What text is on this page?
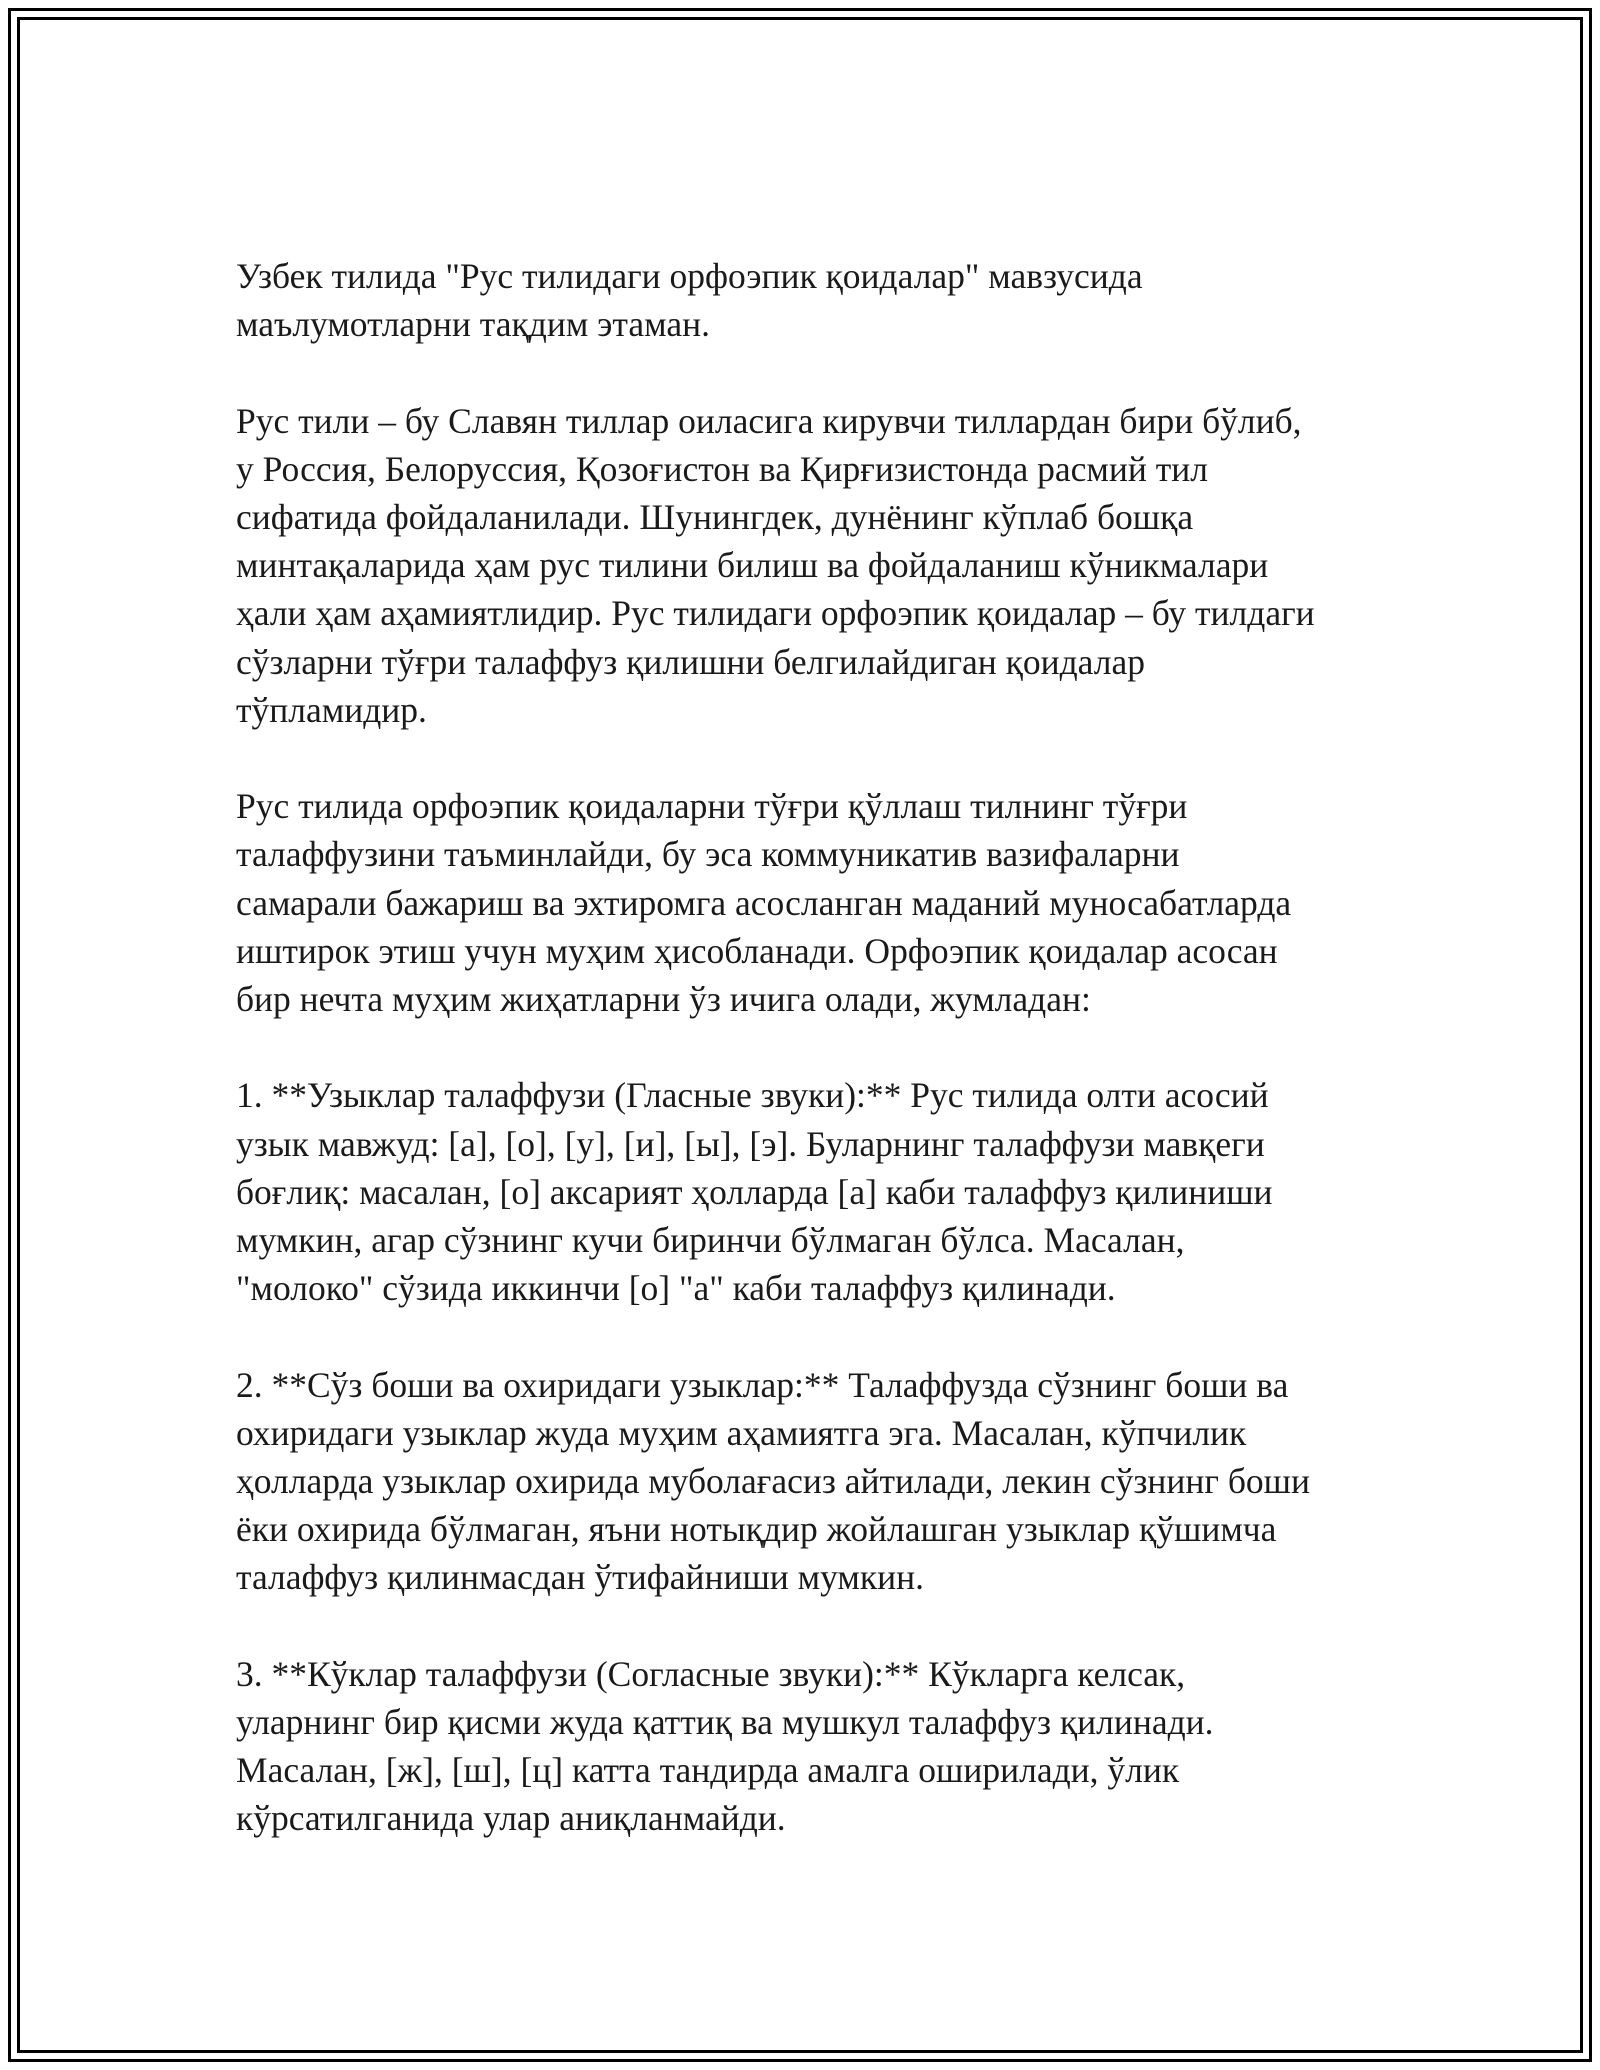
Узбек тилида "Рус тилидаги орфоэпик қоидалар" мавзусида
маълумотларни тақдим этаман.

Рус тили – бу Славян тиллар оиласига кирувчи тиллардан бири бўлиб,
у Россия, Белоруссия, Қозоғистон ва Қирғизистонда расмий тил
сифатида фойдаланилади. Шунингдек, дунёнинг кўплаб бошқа
минтақаларида ҳам рус тилини билиш ва фойдаланиш кўникмалари
ҳали ҳам аҳамиятлидир. Рус тилидаги орфоэпик қоидалар – бу тилдаги
сўзларни тўғри талаффуз қилишни белгилайдиган қоидалар
тўпламидир.

Рус тилида орфоэпик қоидаларни тўғри қўллаш тилнинг тўғри
талаффузини таъминлайди, бу эса коммуникатив вазифаларни
самарали бажариш ва эхтиромга асосланган маданий муносабатларда
иштирок этиш учун муҳим ҳисобланади. Орфоэпик қоидалар асосан
бир нечта муҳим жиҳатларни ўз ичига олади, жумладан:

1. **Узыклар талаффузи (Гласные звуки):** Рус тилида олти асосий
узык мавжуд: [а], [о], [у], [и], [ы], [э]. Буларнинг талаффузи мавқеги
боғлиқ: масалан, [о] аксарият ҳолларда [а] каби талаффуз қилиниши
мумкин, агар сўзнинг кучи биринчи бўлмаган бўлса. Масалан,
"молоко" сўзида иккинчи [о] "а" каби талаффуз қилинади.

2. **Сўз боши ва охиридаги узыклар:** Талаффузда сўзнинг боши ва
охиридаги узыклар жуда муҳим аҳамиятга эга. Масалан, кўпчилик
ҳолларда узыклар охирида муболағасиз айтилади, лекин сўзнинг боши
ёки охирида бўлмаган, яъни нотықдир жойлашган узыклар қўшимча
талаффуз қилинмасдан ўтифайниши мумкин.

3. **Кўклар талаффузи (Согласные звуки):** Кўкларга келсак,
уларнинг бир қисми жуда қаттиқ ва мушкул талаффуз қилинади.
Масалан, [ж], [ш], [ц] катта тандирда амалга оширилади, ўлик
кўрсатилганида улар аниқланмайди.
